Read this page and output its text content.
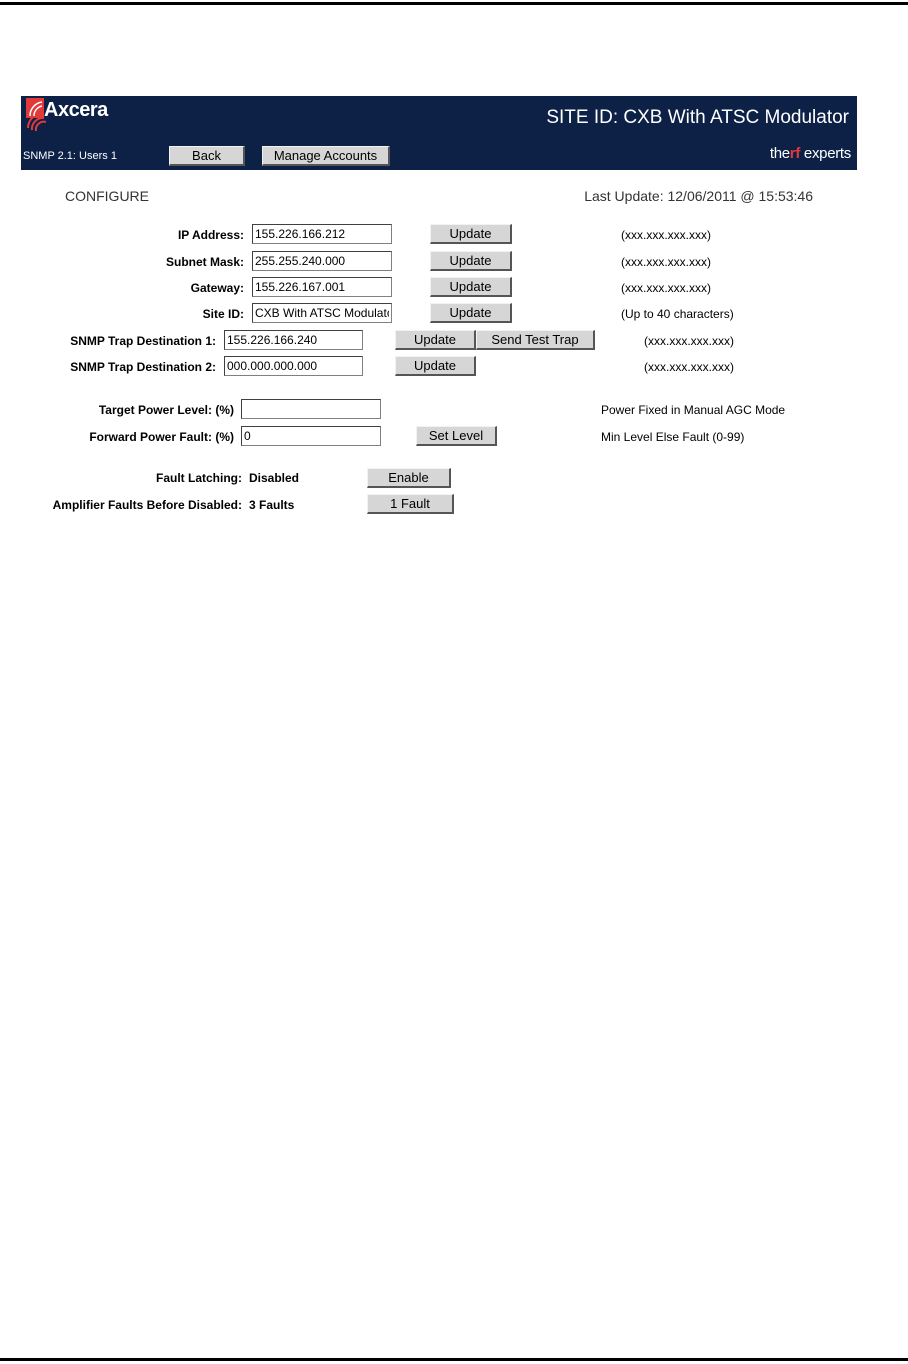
Axcera	SITE ID: CXB With ATSC Modulator
SNMP 2.1: Users 1	Back	Manage Accounts	therf experts
CONFIGURE	Last Update: 12/06/2011 @ 15:53:46
IP Address:
155.226.166.212	Update	(xxx.xxx.xxx.xxx)
Subnet Mask:
255.255.240.000	Update	(xxx.xxx.xxx.xxx)
Gateway:
155.226.167.001	Update	(xxx.xxx.xxx.xxx)
Site ID:
CXB With ATSC Modulator	Update	(Up to 40 characters)
SNMP Trap Destination 1:
155.226.166.240	Update	Send Test Trap	(xxx.xxx.xxx.xxx)
SNMP Trap Destination 2:
000.000.000.000	Update	(xxx.xxx.xxx.xxx)
Target Power Level: (%)	Power Fixed in Manual AGC Mode
Forward Power Fault: (%)
0	Set Level	Min Level Else Fault (0-99)
Fault Latching: Disabled	Enable
Amplifier Faults Before Disabled: 3 Faults	1 Fault
